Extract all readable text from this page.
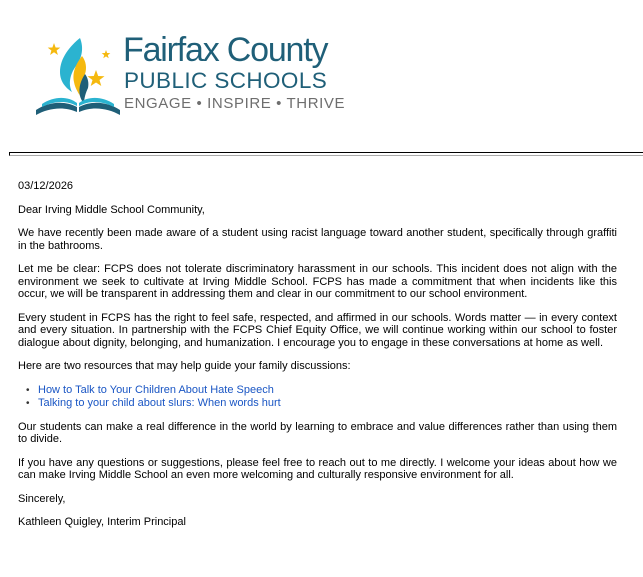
Fairfax County
PUBLIC SCHOOLS
ENGAGE • INSPIRE • THRIVE

03/12/2026

Dear Irving Middle School Community,

We have recently been made aware of a student using racist language toward another student, specifically through graffiti in the bathrooms.

Let me be clear: FCPS does not tolerate discriminatory harassment in our schools. This incident does not align with the environment we seek to cultivate at Irving Middle School. FCPS has made a commitment that when incidents like this occur, we will be transparent in addressing them and clear in our commitment to our school environment.

Every student in FCPS has the right to feel safe, respected, and affirmed in our schools. Words matter — in every context and every situation. In partnership with the FCPS Chief Equity Office, we will continue working within our school to foster dialogue about dignity, belonging, and humanization. I encourage you to engage in these conversations at home as well.

Here are two resources that may help guide your family discussions:

• How to Talk to Your Children About Hate Speech
• Talking to your child about slurs: When words hurt

Our students can make a real difference in the world by learning to embrace and value differences rather than using them to divide.

If you have any questions or suggestions, please feel free to reach out to me directly. I welcome your ideas about how we can make Irving Middle School an even more welcoming and culturally responsive environment for all.

Sincerely,

Kathleen Quigley, Interim Principal
